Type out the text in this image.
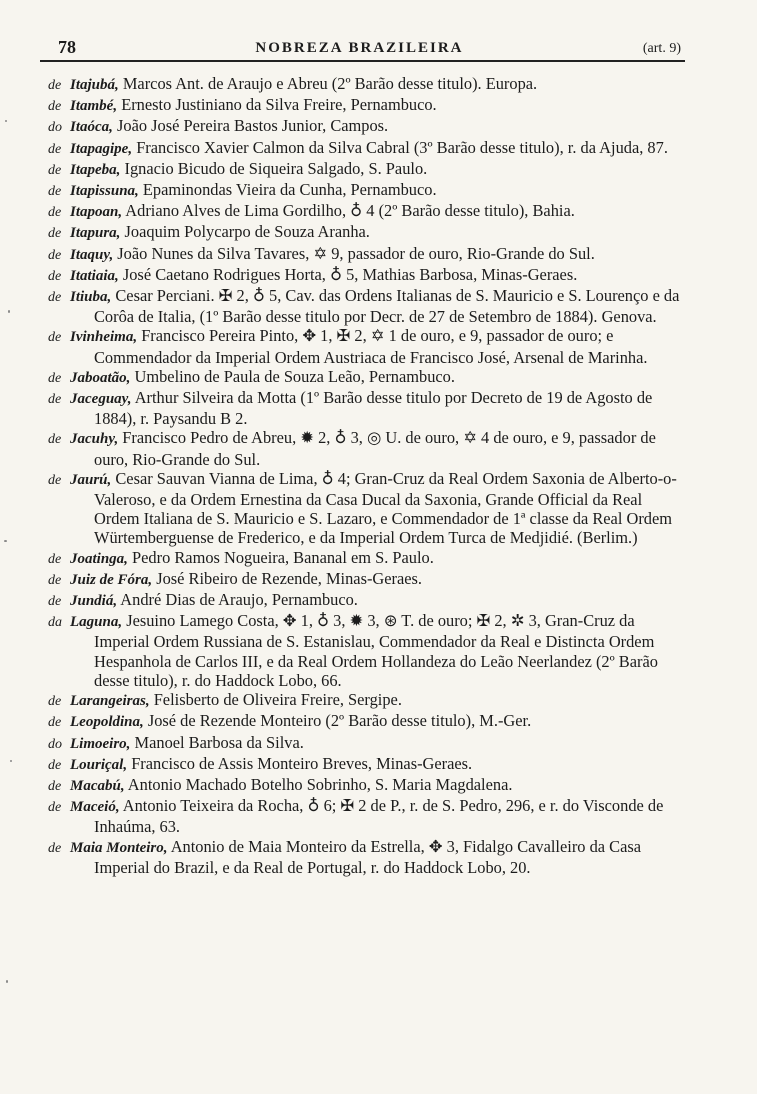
78	NOBREZA BRAZILEIRA	(art. 9)

de Itajubá, Marcos Ant. de Araujo e Abreu (2º Barão desse titulo). Europa.

de Itambé, Ernesto Justiniano da Silva Freire, Pernambuco.

do Itaóca, João José Pereira Bastos Junior, Campos.

de Itapagipe, Francisco Xavier Calmon da Silva Cabral (3º Barão desse titulo), r. da Ajuda, 87.

de Itapeba, Ignacio Bicudo de Siqueira Salgado, S. Paulo.

de Itapissuna, Epaminondas Vieira da Cunha, Pernambuco.

de Itapoan, Adriano Alves de Lima Gordilho, ♁ 4 (2º Barão desse titulo), Bahia.

de Itapura, Joaquim Polycarpo de Souza Aranha.

de Itaquy, João Nunes da Silva Tavares, ✡ 9, passador de ouro, Rio-Grande do Sul.

de Itatiaia, José Caetano Rodrigues Horta, ♁ 5, Mathias Barbosa, Minas-Geraes.

de Itiuba, Cesar Perciani. ✠ 2, ♁ 5, Cav. das Ordens Italianas de S. Mauricio e S. Lourenço e da Corôa de Italia, (1º Barão desse titulo por Decr. de 27 de Setembro de 1884). Genova.

de Ivinheima, Francisco Pereira Pinto, ✥ 1, ✠ 2, ✡ 1 de ouro, e 9, passador de ouro; e Commendador da Imperial Ordem Austriaca de Francisco José, Arsenal de Marinha.

de Jaboatão, Umbelino de Paula de Souza Leão, Pernambuco.

de Jaceguay, Arthur Silveira da Motta (1º Barão desse titulo por Decreto de 19 de Agosto de 1884), r. Paysandu B 2.

de Jacuhy, Francisco Pedro de Abreu, ✹ 2, ♁ 3, ◎ U. de ouro, ✡ 4 de ouro, e 9, passador de ouro, Rio-Grande do Sul.

de Jaurú, Cesar Sauvan Vianna de Lima, ♁ 4; Gran-Cruz da Real Ordem Saxonia de Alberto-o-Valeroso, e da Ordem Ernestina da Casa Ducal da Saxonia, Grande Official da Real Ordem Italiana de S. Mauricio e S. Lazaro, e Commendador de 1ª classe da Real Ordem Würtemberguense de Frederico, e da Imperial Ordem Turca de Medjidié. (Berlim.)

de Joatinga, Pedro Ramos Nogueira, Bananal em S. Paulo.

de Juiz de Fóra, José Ribeiro de Rezende, Minas-Geraes.

de Jundiá, André Dias de Araujo, Pernambuco.

da Laguna, Jesuino Lamego Costa, ✥ 1, ♁ 3, ✹ 3, ⊛ T. de ouro; ✠ 2, ✲ 3, Gran-Cruz da Imperial Ordem Russiana de S. Estanislau, Commendador da Real e Distincta Ordem Hespanhola de Carlos III, e da Real Ordem Hollandeza do Leão Neerlandez (2º Barão desse titulo), r. do Haddock Lobo, 66.

de Larangeiras, Felisberto de Oliveira Freire, Sergipe.

de Leopoldina, José de Rezende Monteiro (2º Barão desse titulo), M.-Ger.

do Limoeiro, Manoel Barbosa da Silva.

de Louriçal, Francisco de Assis Monteiro Breves, Minas-Geraes.

de Macabú, Antonio Machado Botelho Sobrinho, S. Maria Magdalena.

de Maceió, Antonio Teixeira da Rocha, ♁ 6; ✠ 2 de P., r. de S. Pedro, 296, e r. do Visconde de Inhaúma, 63.

de Maia Monteiro, Antonio de Maia Monteiro da Estrella, ✥ 3, Fidalgo Cavalleiro da Casa Imperial do Brazil, e da Real de Portugal, r. do Haddock Lobo, 20.
